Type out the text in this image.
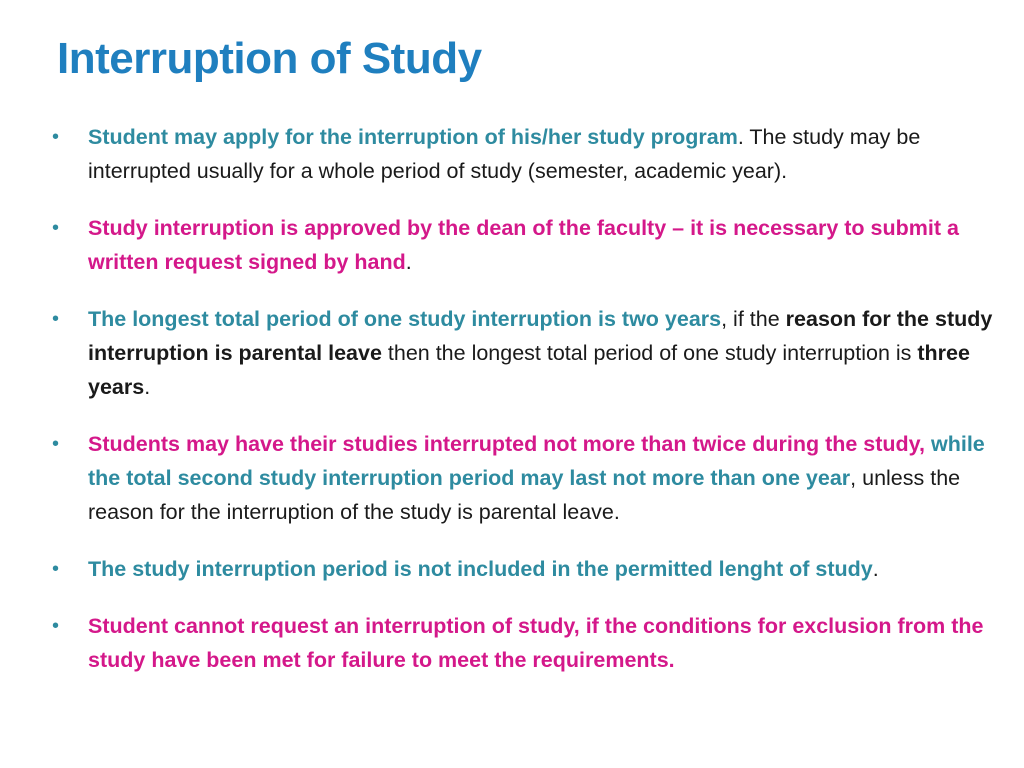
Interruption of Study
• Student may apply for the interruption of his/her study program. The study may be interrupted usually for a whole period of study (semester, academic year).
• Study interruption is approved by the dean of the faculty – it is necessary to submit a written request signed by hand.
• The longest total period of one study interruption is two years, if the reason for the study interruption is parental leave then the longest total period of one study interruption is three years.
• Students may have their studies interrupted not more than twice during the study, while the total second study interruption period may last not more than one year, unless the reason for the interruption of the study is parental leave.
• The study interruption period is not included in the permitted lenght of study.
• Student cannot request an interruption of study, if the conditions for exclusion from the study have been met for failure to meet the requirements.
